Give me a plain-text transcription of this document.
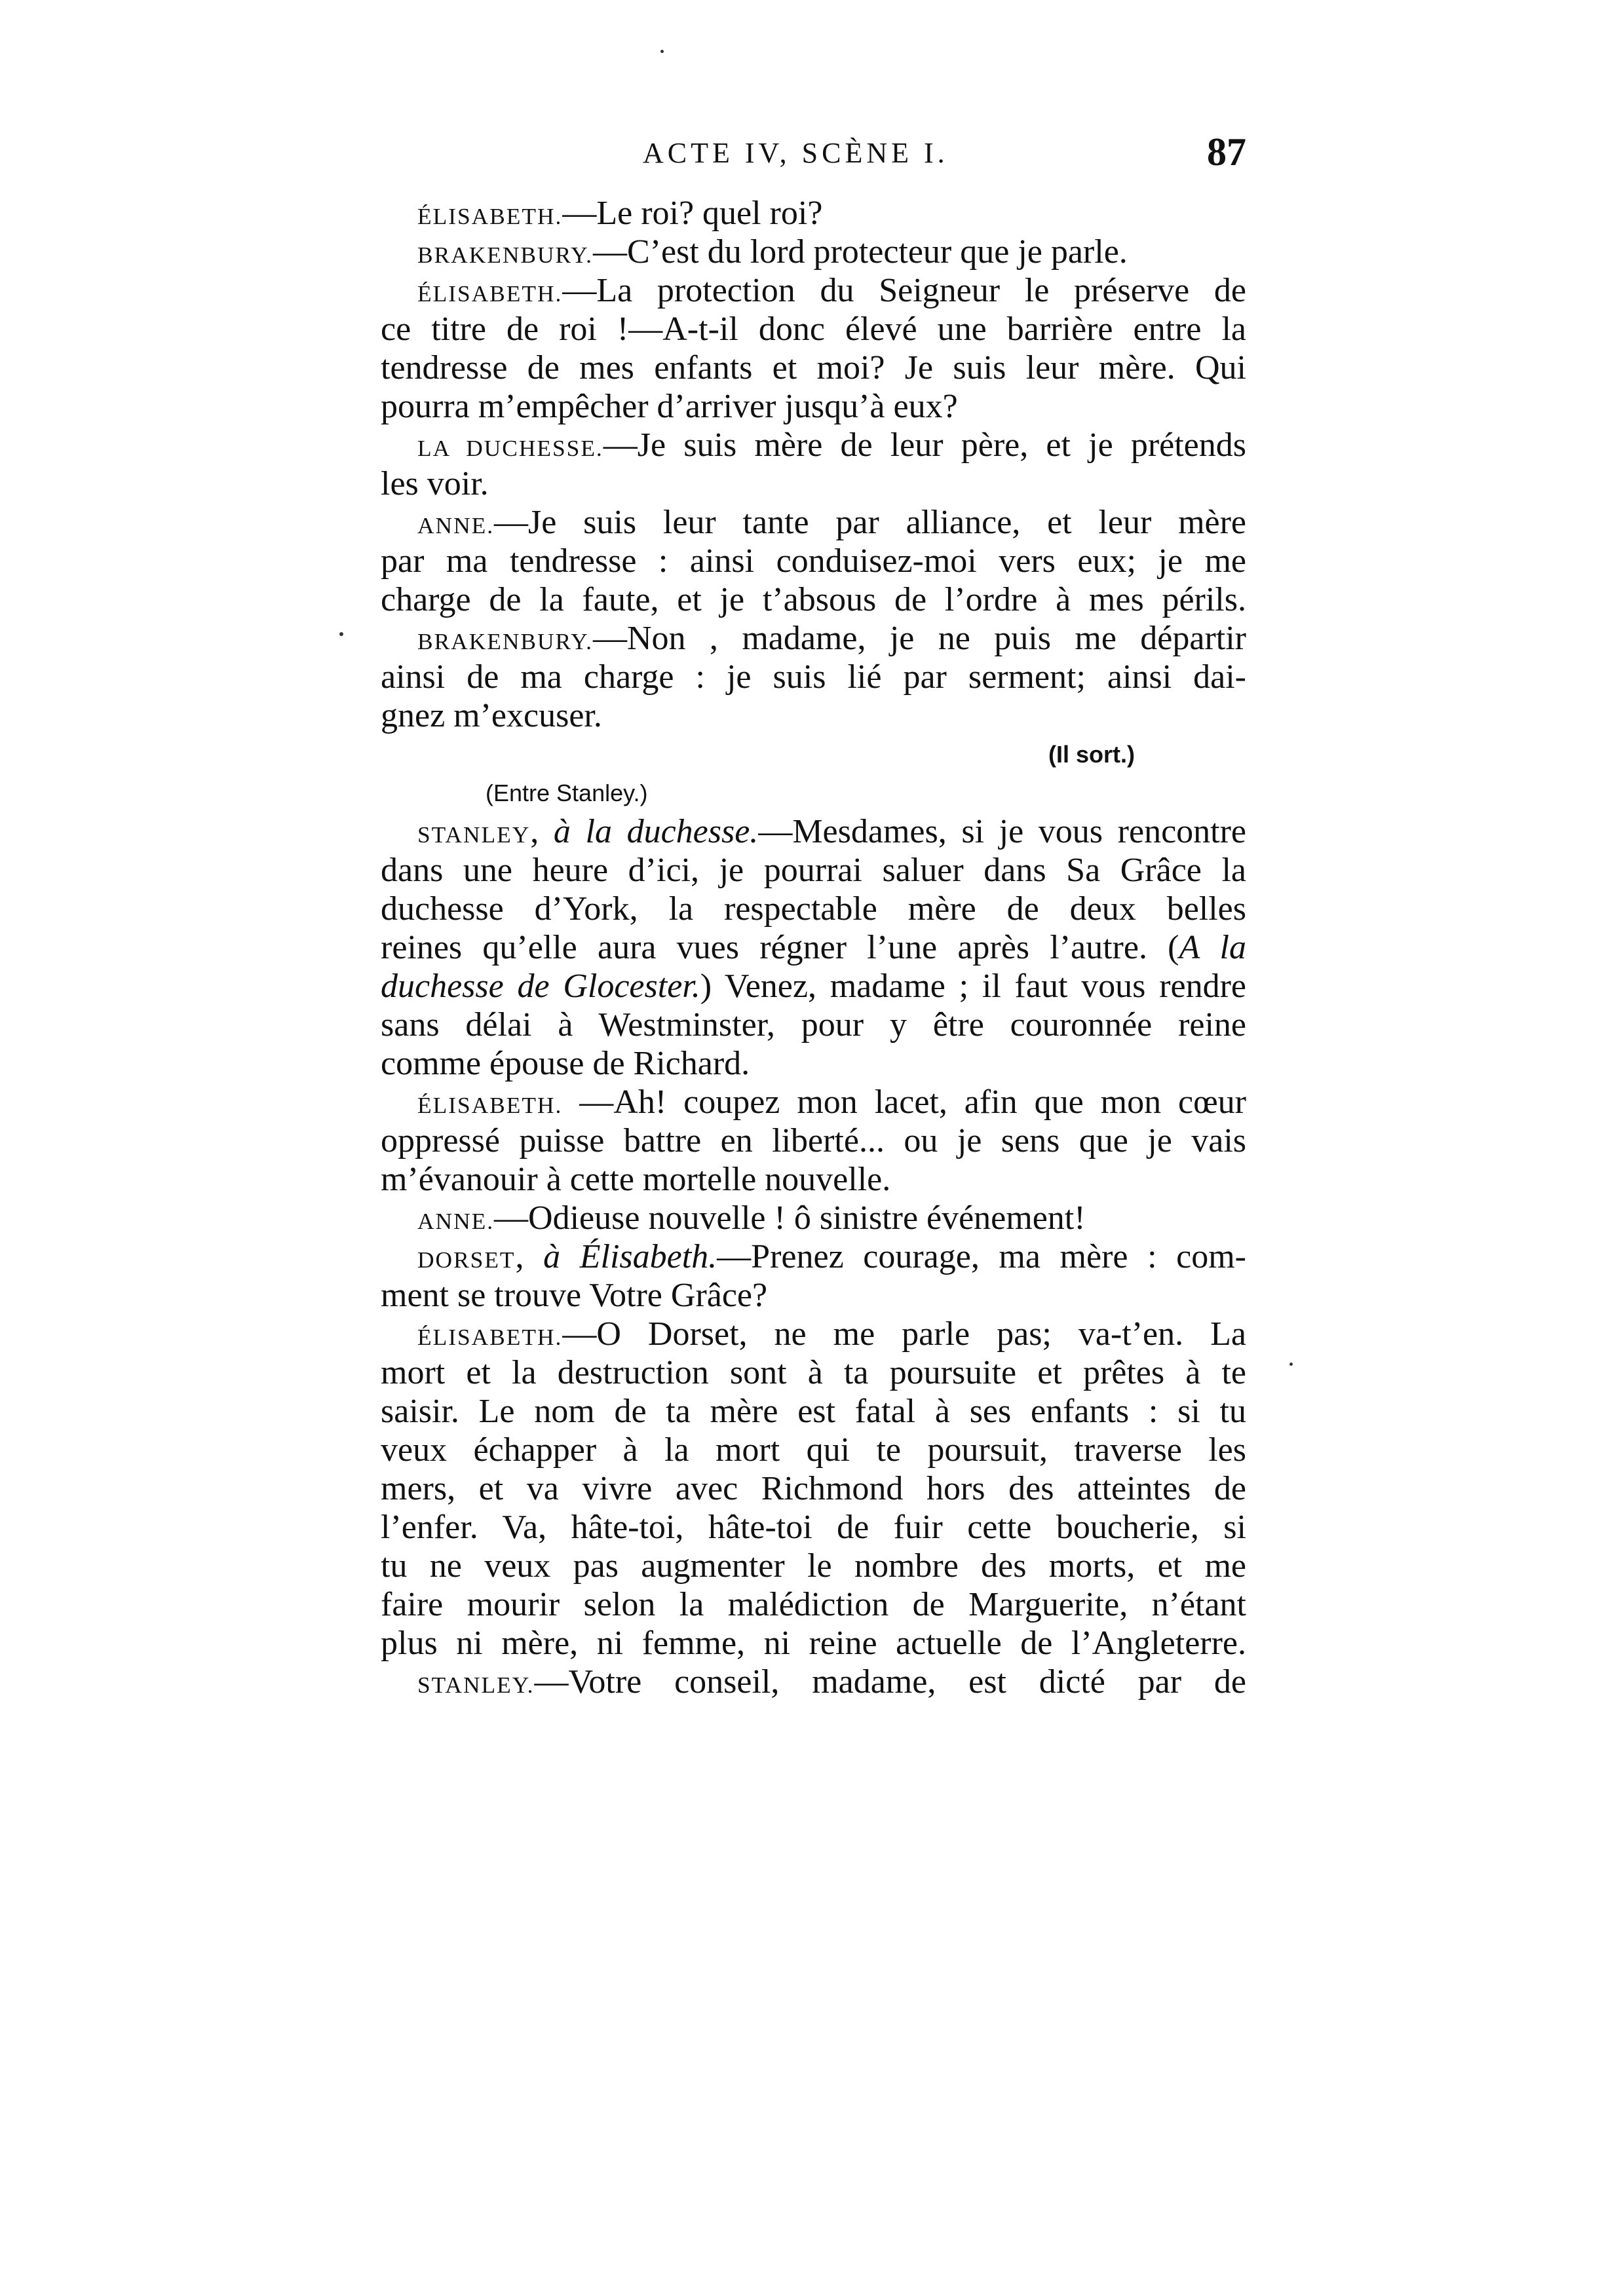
ACTE IV, SCÈNE I.	87
ÉLISABETH.—Le roi? quel roi?
BRAKENBURY.—C’est du lord protecteur que je parle.
ÉLISABETH.—La protection du Seigneur le préserve de
ce titre de roi !—A-t-il donc élevé une barrière entre la
tendresse de mes enfants et moi? Je suis leur mère. Qui
pourra m’empêcher d’arriver jusqu’à eux?
LA DUCHESSE.—Je suis mère de leur père, et je prétends
les voir.
ANNE.—Je suis leur tante par alliance, et leur mère
par ma tendresse : ainsi conduisez-moi vers eux; je me
charge de la faute, et je t’absous de l’ordre à mes périls.
BRAKENBURY.—Non , madame, je ne puis me départir
ainsi de ma charge : je suis lié par serment; ainsi dai-
gnez m’excuser.
(Il sort.)
(Entre Stanley.)
STANLEY, à la duchesse.—Mesdames, si je vous rencontre
dans une heure d’ici, je pourrai saluer dans Sa Grâce la
duchesse d’York, la respectable mère de deux belles
reines qu’elle aura vues régner l’une après l’autre. (A la
duchesse de Glocester.) Venez, madame ; il faut vous rendre
sans délai à Westminster, pour y être couronnée reine
comme épouse de Richard.
ÉLISABETH. —Ah! coupez mon lacet, afin que mon cœur
oppressé puisse battre en liberté... ou je sens que je vais
m’évanouir à cette mortelle nouvelle.
ANNE.—Odieuse nouvelle ! ô sinistre événement!
DORSET, à Élisabeth.—Prenez courage, ma mère : com-
ment se trouve Votre Grâce?
ÉLISABETH.—O Dorset, ne me parle pas; va-t’en. La
mort et la destruction sont à ta poursuite et prêtes à te
saisir. Le nom de ta mère est fatal à ses enfants : si tu
veux échapper à la mort qui te poursuit, traverse les
mers, et va vivre avec Richmond hors des atteintes de
l’enfer. Va, hâte-toi, hâte-toi de fuir cette boucherie, si
tu ne veux pas augmenter le nombre des morts, et me
faire mourir selon la malédiction de Marguerite, n’étant
plus ni mère, ni femme, ni reine actuelle de l’Angleterre.
STANLEY.—Votre conseil, madame, est dicté par de
